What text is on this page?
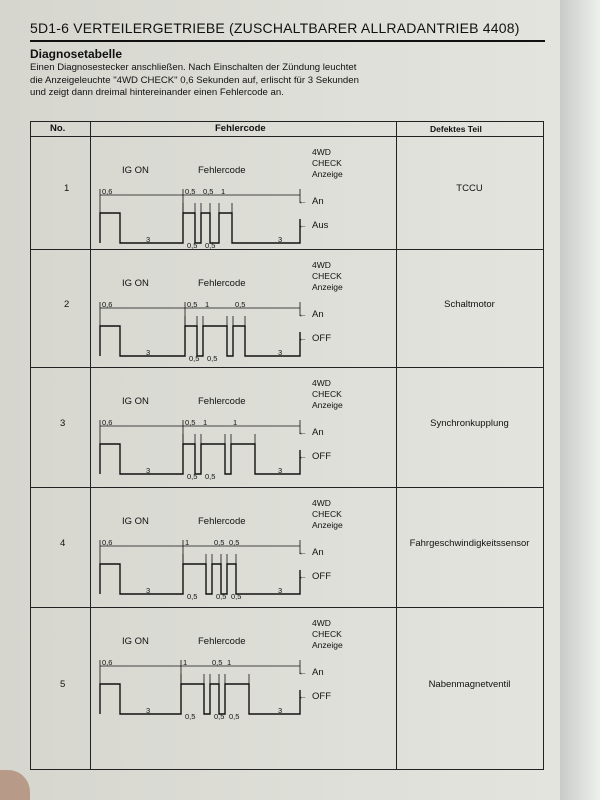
5D1-6 VERTEILERGETRIEBE (ZUSCHALTBARER ALLRADANTRIEB 4408)
Diagnosetabelle
Einen Diagnosestecker anschließen. Nach Einschalten der Zündung leuchtet die Anzeigeleuchte "4WD CHECK" 0,6 Sekunden auf, erlischt für 3 Sekunden und zeigt dann dreimal hintereinander einen Fehlercode an.
No.	Fehlercode	Defektes Teil
1	TCCU
IG ON	Fehlercode
4WD
CHECK
Anzeige
←
←
An
Aus
0,6
3	3
0,5 0,5 1
0,5 0,5
2	Schaltmotor
IG ON	Fehlercode
4WD
CHECK
Anzeige
←
←
An
OFF
0,6
3	3
0,5 1	0,5
0,5 0,5
3	Synchronkupplung
IG ON	Fehlercode
4WD
CHECK
Anzeige
←
←
An
OFF
0,6
3	3
0,5 1	1
0,5 0,5
4	Fahrgeschwindigkeitssensor
IG ON	Fehlercode
4WD
CHECK
Anzeige
←
←
An
OFF
0,6
3	3
1	0,5 0,5
0,5 0,5 0,5
5	Nabenmagnetventil
IG ON	Fehlercode
4WD
CHECK
Anzeige
←
←
An
OFF
0,6
3	3
1	0,5 1
0,5 0,5 0,5
